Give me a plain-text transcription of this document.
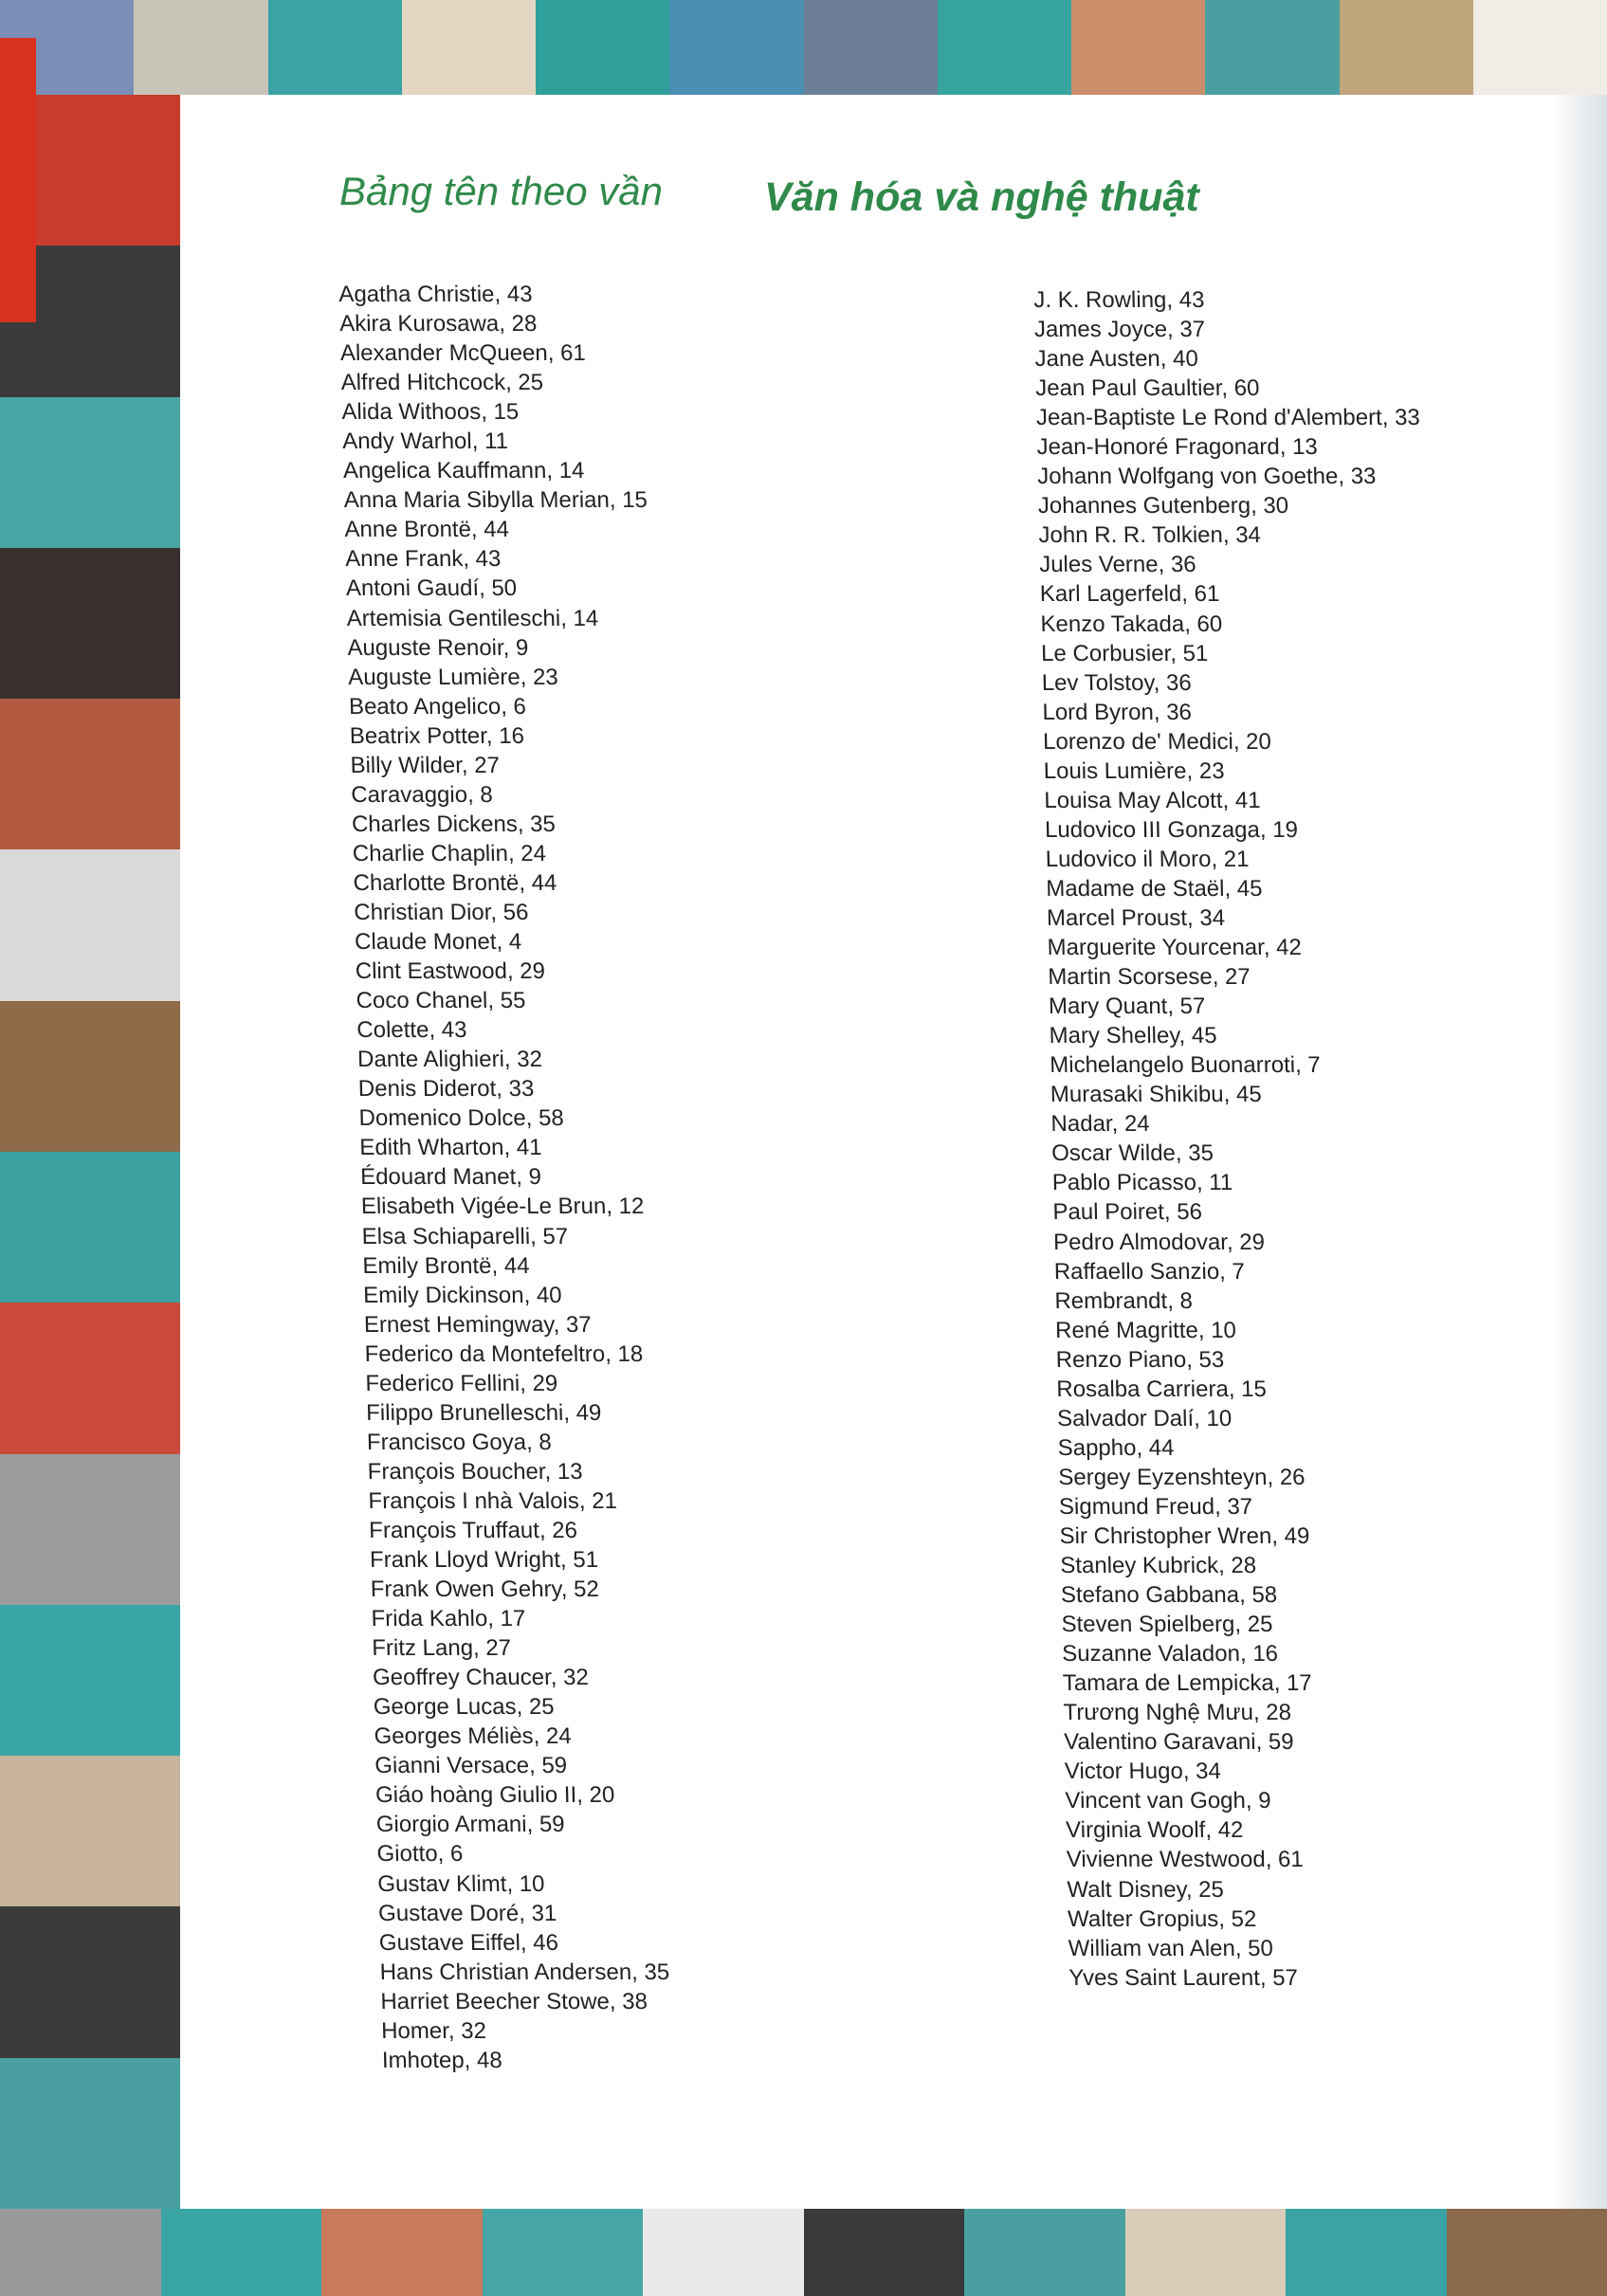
Bảng tên theo vần Văn hóa và nghệ thuật
Agatha Christie, 43
Akira Kurosawa, 28
Alexander McQueen, 61
Alfred Hitchcock, 25
Alida Withoos, 15
Andy Warhol, 11
Angelica Kauffmann, 14
Anna Maria Sibylla Merian, 15
Anne Brontë, 44
Anne Frank, 43
Antoni Gaudí, 50
Artemisia Gentileschi, 14
Auguste Renoir, 9
Auguste Lumière, 23
Beato Angelico, 6
Beatrix Potter, 16
Billy Wilder, 27
Caravaggio, 8
Charles Dickens, 35
Charlie Chaplin, 24
Charlotte Brontë, 44
Christian Dior, 56
Claude Monet, 4
Clint Eastwood, 29
Coco Chanel, 55
Colette, 43
Dante Alighieri, 32
Denis Diderot, 33
Domenico Dolce, 58
Edith Wharton, 41
Édouard Manet, 9
Elisabeth Vigée-Le Brun, 12
Elsa Schiaparelli, 57
Emily Brontë, 44
Emily Dickinson, 40
Ernest Hemingway, 37
Federico da Montefeltro, 18
Federico Fellini, 29
Filippo Brunelleschi, 49
Francisco Goya, 8
François Boucher, 13
François I nhà Valois, 21
François Truffaut, 26
Frank Lloyd Wright, 51
Frank Owen Gehry, 52
Frida Kahlo, 17
Fritz Lang, 27
Geoffrey Chaucer, 32
George Lucas, 25
Georges Méliès, 24
Gianni Versace, 59
Giáo hoàng Giulio II, 20
Giorgio Armani, 59
Giotto, 6
Gustav Klimt, 10
Gustave Doré, 31
Gustave Eiffel, 46
Hans Christian Andersen, 35
Harriet Beecher Stowe, 38
Homer, 32
Imhotep, 48
J. K. Rowling, 43
James Joyce, 37
Jane Austen, 40
Jean Paul Gaultier, 60
Jean-Baptiste Le Rond d'Alembert, 33
Jean-Honoré Fragonard, 13
Johann Wolfgang von Goethe, 33
Johannes Gutenberg, 30
John R. R. Tolkien, 34
Jules Verne, 36
Karl Lagerfeld, 61
Kenzo Takada, 60
Le Corbusier, 51
Lev Tolstoy, 36
Lord Byron, 36
Lorenzo de' Medici, 20
Louis Lumière, 23
Louisa May Alcott, 41
Ludovico III Gonzaga, 19
Ludovico il Moro, 21
Madame de Staël, 45
Marcel Proust, 34
Marguerite Yourcenar, 42
Martin Scorsese, 27
Mary Quant, 57
Mary Shelley, 45
Michelangelo Buonarroti, 7
Murasaki Shikibu, 45
Nadar, 24
Oscar Wilde, 35
Pablo Picasso, 11
Paul Poiret, 56
Pedro Almodovar, 29
Raffaello Sanzio, 7
Rembrandt, 8
René Magritte, 10
Renzo Piano, 53
Rosalba Carriera, 15
Salvador Dalí, 10
Sappho, 44
Sergey Eyzenshteyn, 26
Sigmund Freud, 37
Sir Christopher Wren, 49
Stanley Kubrick, 28
Stefano Gabbana, 58
Steven Spielberg, 25
Suzanne Valadon, 16
Tamara de Lempicka, 17
Trương Nghệ Mưu, 28
Valentino Garavani, 59
Victor Hugo, 34
Vincent van Gogh, 9
Virginia Woolf, 42
Vivienne Westwood, 61
Walt Disney, 25
Walter Gropius, 52
William van Alen, 50
Yves Saint Laurent, 57
